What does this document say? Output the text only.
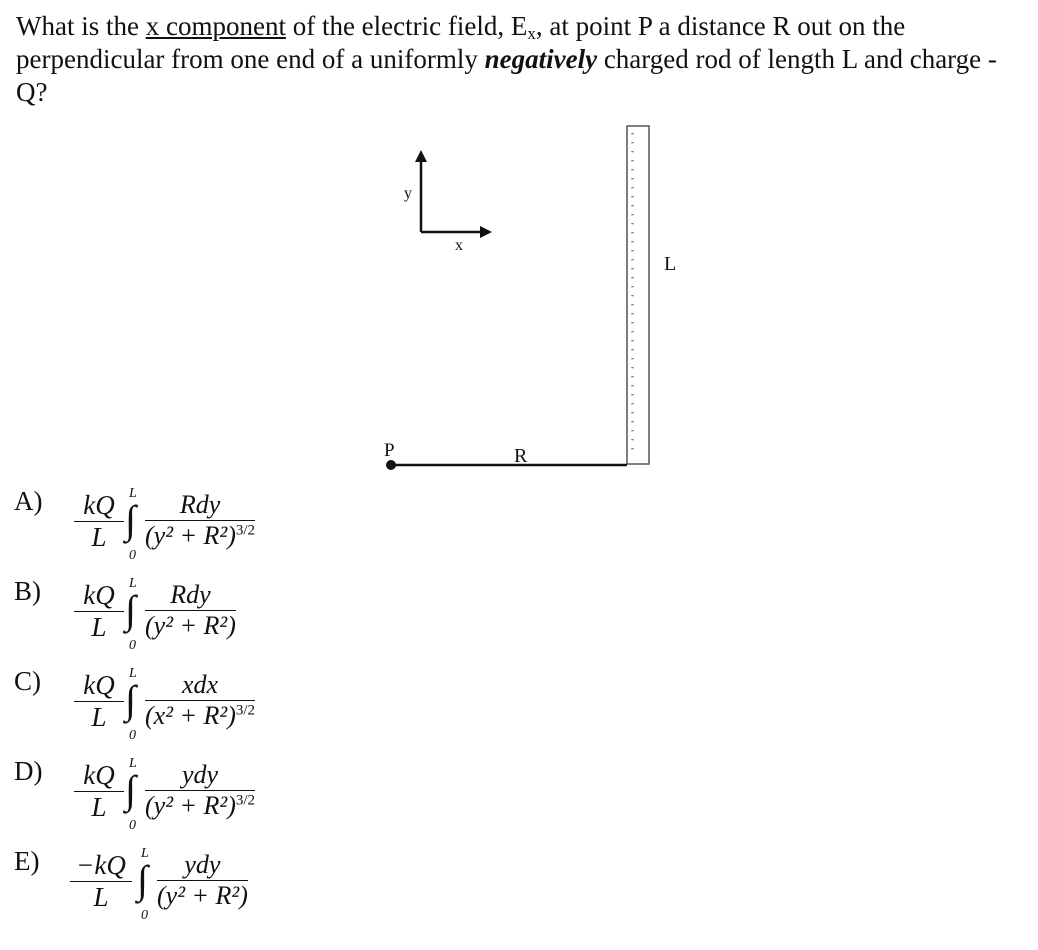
What is the x component of the electric field, $E_x$, at point P a distance R out on the perpendicular from one end of a uniformly negatively charged rod of length L and charge -Q?
y
x
-
-
-
-
-
-
-
-
-
-
-
-
-
-
-
-
-
-
-
-
-
-
-
-
-
-
-
-
-
-
-
-
-
-
-
-
L
P	R
$A) \frac{kQ}{L}$ L
∫
0
Rdy
$(y^2 + R^2)^{3/2}$
$B) \frac{kQ}{L}$ L
∫
0
Rdy
(y² + R²)
$C) \frac{kQ}{L}$ L
∫
0
xdx
$(x^2 + R^2)^{3/2}$
$D) \frac{kQ}{L}$ L
∫
0
ydy
$(y^2 + R^2)^{3/2}$
$E) \frac{-kQ}{L}$ L
∫
0
ydy
(y² + R²)
